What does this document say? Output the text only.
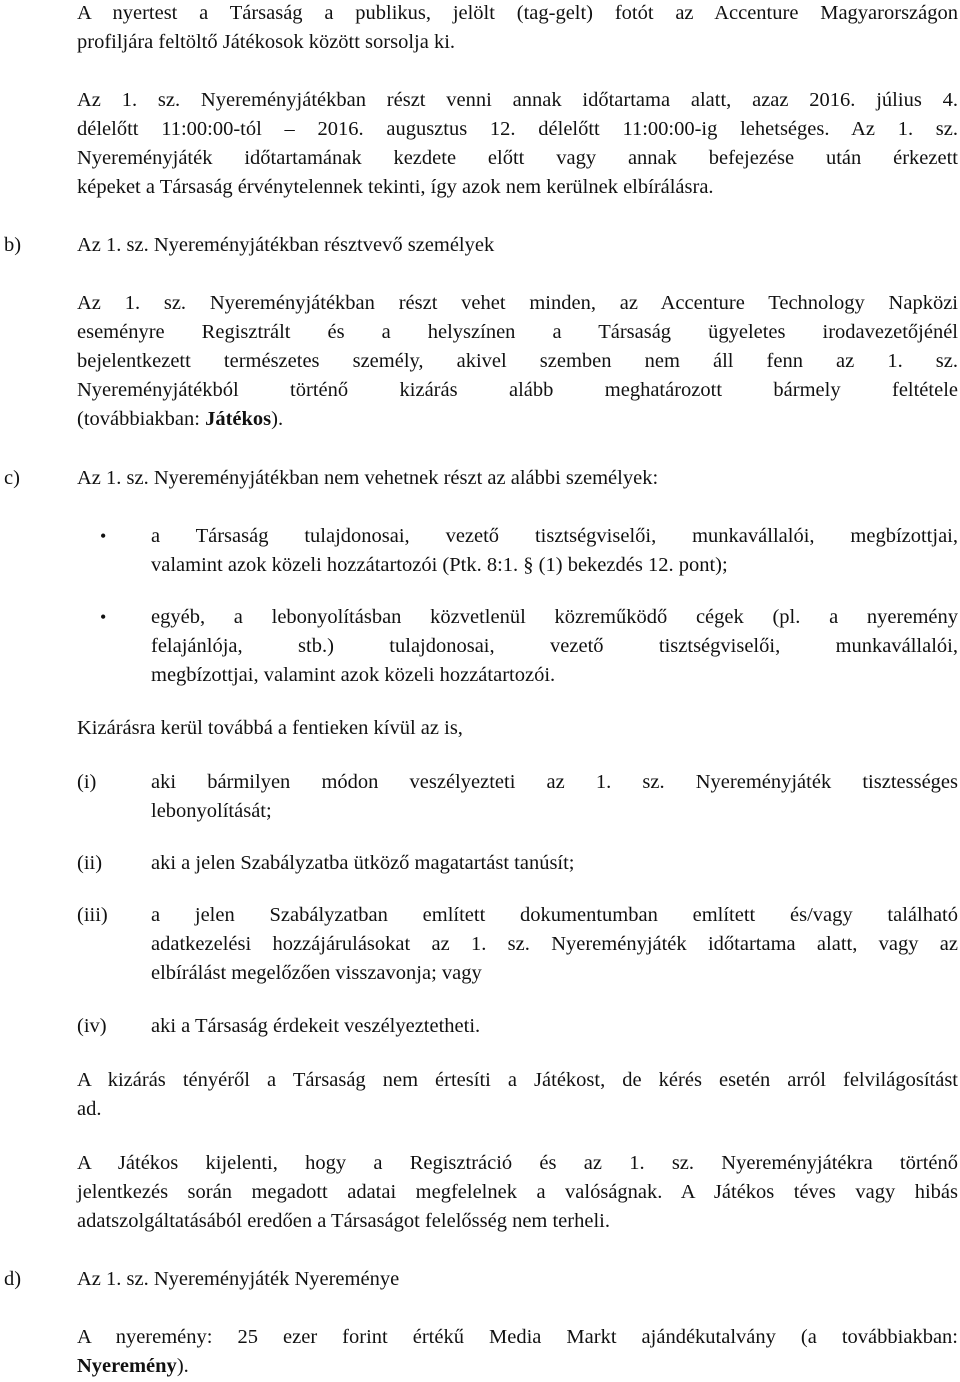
A nyertest a Társaság a publikus, jelölt (tag-gelt) fotót az Accenture Magyarországon
profiljára feltöltő Játékosok között sorsolja ki.
Az 1. sz. Nyereményjátékban részt venni annak időtartama alatt, azaz 2016. július 4.
délelőtt 11:00:00-tól – 2016. augusztus 12. délelőtt 11:00:00-ig lehetséges. Az 1. sz.
Nyereményjáték időtartamának kezdete előtt vagy annak befejezése után érkezett
képeket a Társaság érvénytelennek tekinti, így azok nem kerülnek elbírálásra.
b)	Az 1. sz. Nyereményjátékban résztvevő személyek
Az 1. sz. Nyereményjátékban részt vehet minden, az Accenture Technology Napközi
eseményre Regisztrált és a helyszínen a Társaság ügyeletes irodavezetőjénél
bejelentkezett természetes személy, akivel szemben nem áll fenn az 1. sz.
Nyereményjátékból történő kizárás alább meghatározott bármely feltétele
(továbbiakban: Játékos).
c)	Az 1. sz. Nyereményjátékban nem vehetnek részt az alábbi személyek:
• a Társaság tulajdonosai, vezető tisztségviselői, munkavállalói, megbízottjai,
valamint azok közeli hozzátartozói (Ptk. 8:1. § (1) bekezdés 12. pont);
• egyéb, a lebonyolításban közvetlenül közreműködő cégek (pl. a nyeremény
felajánlója, stb.) tulajdonosai, vezető tisztségviselői, munkavállalói,
megbízottjai, valamint azok közeli hozzátartozói.
Kizárásra kerül továbbá a fentieken kívül az is,
(i)	aki bármilyen módon veszélyezteti az 1. sz. Nyereményjáték tisztességes
lebonyolítását;
(ii) aki a jelen Szabályzatba ütköző magatartást tanúsít;
(iii) a jelen Szabályzatban említett dokumentumban említett és/vagy található
adatkezelési hozzájárulásokat az 1. sz. Nyereményjáték időtartama alatt, vagy az
elbírálást megelőzően visszavonja; vagy
(iv) aki a Társaság érdekeit veszélyeztetheti.
A kizárás tényéről a Társaság nem értesíti a Játékost, de kérés esetén arról felvilágosítást
ad.
A Játékos kijelenti, hogy a Regisztráció és az 1. sz. Nyereményjátékra történő
jelentkezés során megadott adatai megfelelnek a valóságnak. A Játékos téves vagy hibás
adatszolgáltatásából eredően a Társaságot felelősség nem terheli.
d)	Az 1. sz. Nyereményjáték Nyereménye
A nyeremény: 25 ezer forint értékű Media Markt ajándékutalvány (a továbbiakban:
Nyeremény).
